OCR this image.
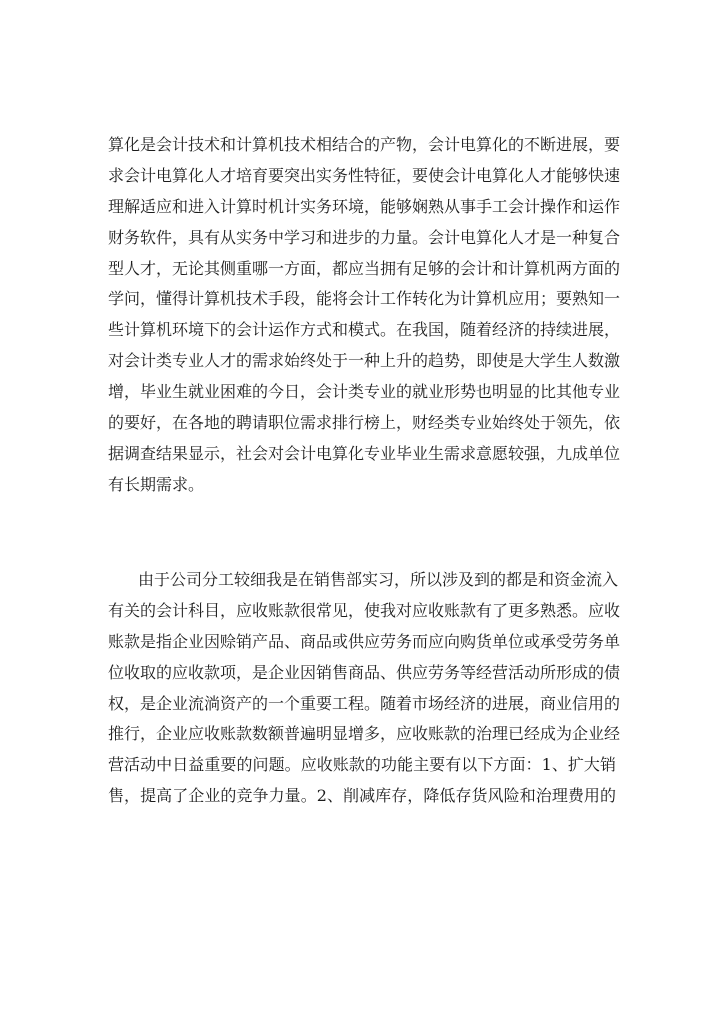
算化是会计技术和计算机技术相结合的产物，会计电算化的不断进展，要
求会计电算化人才培育要突出实务性特征，要使会计电算化人才能够快速
理解适应和进入计算时机计实务环境，能够娴熟从事手工会计操作和运作
财务软件，具有从实务中学习和进步的力量。会计电算化人才是一种复合
型人才，无论其侧重哪一方面，都应当拥有足够的会计和计算机两方面的
学问，懂得计算机技术手段，能将会计工作转化为计算机应用；要熟知一
些计算机环境下的会计运作方式和模式。在我国，随着经济的持续进展，
对会计类专业人才的需求始终处于一种上升的趋势，即使是大学生人数激
增，毕业生就业困难的今日，会计类专业的就业形势也明显的比其他专业
的要好，在各地的聘请职位需求排行榜上，财经类专业始终处于领先，依
据调查结果显示，社会对会计电算化专业毕业生需求意愿较强，九成单位
有长期需求。
由于公司分工较细我是在销售部实习，所以涉及到的都是和资金流入
有关的会计科目，应收账款很常见，使我对应收账款有了更多熟悉。应收
账款是指企业因赊销产品、商品或供应劳务而应向购货单位或承受劳务单
位收取的应收款项，是企业因销售商品、供应劳务等经营活动所形成的债
权，是企业流淌资产的一个重要工程。随着市场经济的进展，商业信用的
推行，企业应收账款数额普遍明显增多，应收账款的治理已经成为企业经
营活动中日益重要的问题。应收账款的功能主要有以下方面：1、扩大销
售，提高了企业的竞争力量。2、削减库存，降低存货风险和治理费用的
